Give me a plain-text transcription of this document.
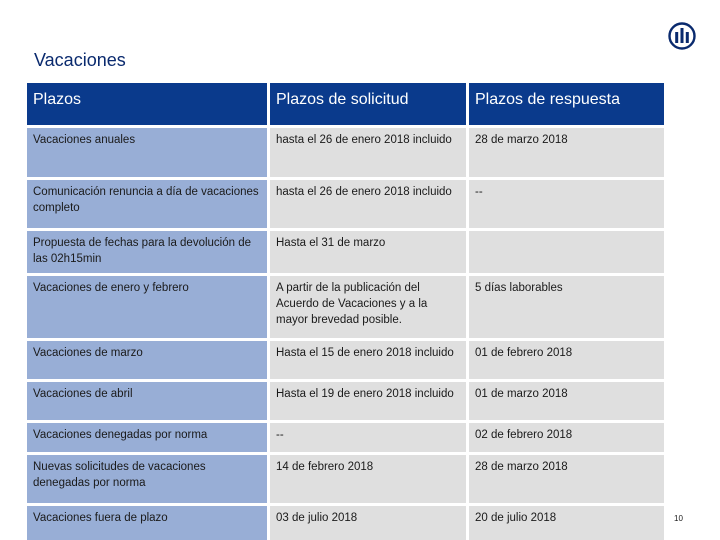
Vacaciones
Plazos	Plazos de solicitud	Plazos de respuesta
Vacaciones anuales	hasta el 26 de enero 2018 incluido	28 de marzo 2018
Comunicación renuncia a día de vacaciones completo	hasta el 26 de enero 2018 incluido	--
Propuesta de fechas para la devolución de las 02h15min	Hasta el 31 de marzo	
Vacaciones de enero y febrero	A partir de la publicación del Acuerdo de Vacaciones y a la mayor brevedad posible.	5 días laborables
Vacaciones de marzo	Hasta el 15 de enero 2018 incluido	01 de febrero 2018
Vacaciones de abril	Hasta el 19 de enero 2018 incluido	01 de marzo 2018
Vacaciones denegadas por norma	--	02 de febrero 2018
Nuevas solicitudes de vacaciones denegadas por norma	14 de febrero 2018	28 de marzo 2018
Vacaciones fuera de plazo	03 de julio 2018	20 de julio 2018	10
